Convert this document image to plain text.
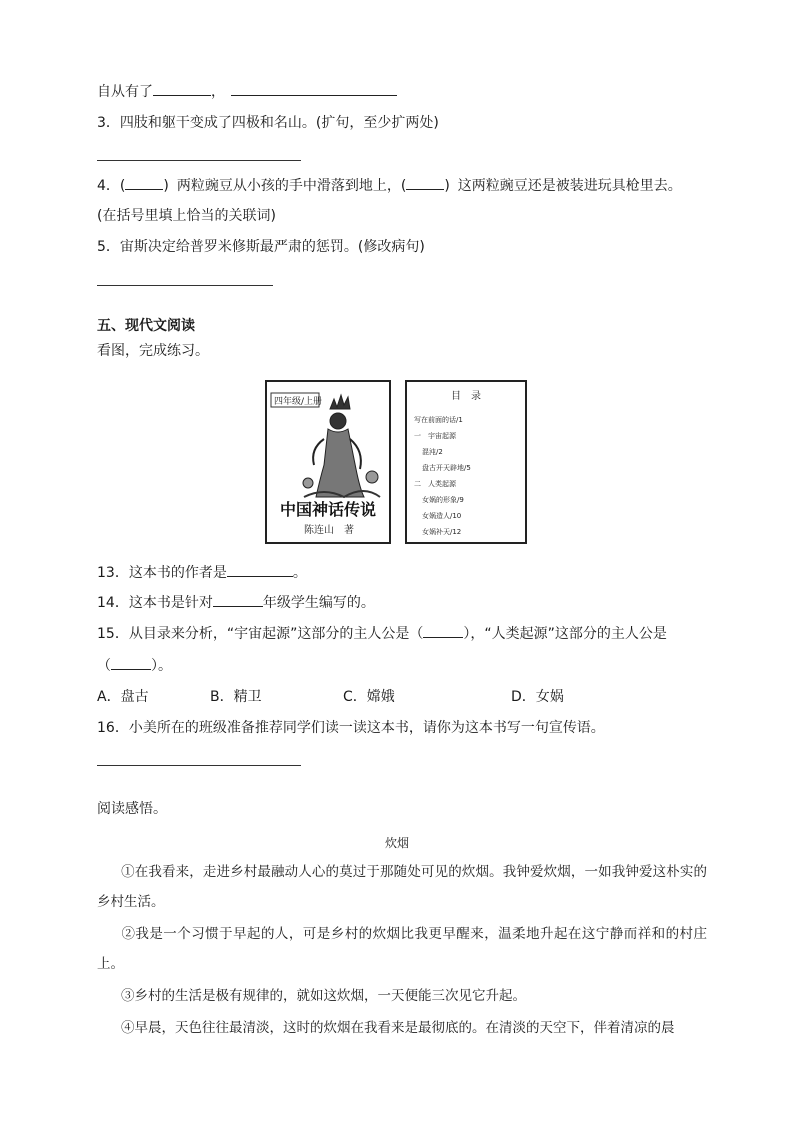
自从有了	，
3．四肢和躯干变成了四极和名山。(扩句，至少扩两处)
4．(	) 两粒豌豆从小孩的手中滑落到地上，(	) 这两粒豌豆还是被装进玩具枪里去。
(在括号里填上恰当的关联词)
5．宙斯决定给普罗米修斯最严肃的惩罚。(修改病句)
五、现代文阅读
看图，完成练习。
四年级/上册
中国神话传说
陈连山　著
目　录
写在前面的话/1
一　宇宙起源
混沌/2
盘古开天辟地/5
二　人类起源
女娲的形象/9
女娲造人/10
女娲补天/12
13．这本书的作者是	。
14．这本书是针对	年级学生编写的。
15．从目录来分析，“宇宙起源”这部分的主人公是（	），“人类起源”这部分的主人公是
（	）。
A．盘古	B．精卫	C．嫦娥	D．女娲
16．小美所在的班级准备推荐同学们读一读这本书，请你为这本书写一句宣传语。
阅读感悟。
炊烟
①在我看来，走进乡村最融动人心的莫过于那随处可见的炊烟。我钟爱炊烟，一如我钟爱这朴实的乡村生活。
②我是一个习惯于早起的人，可是乡村的炊烟比我更早醒来，温柔地升起在这宁静而祥和的村庄上。
③乡村的生活是极有规律的，就如这炊烟，一天便能三次见它升起。
④早晨，天色往往最清淡，这时的炊烟在我看来是最彻底的。在清淡的天空下，伴着清凉的晨
